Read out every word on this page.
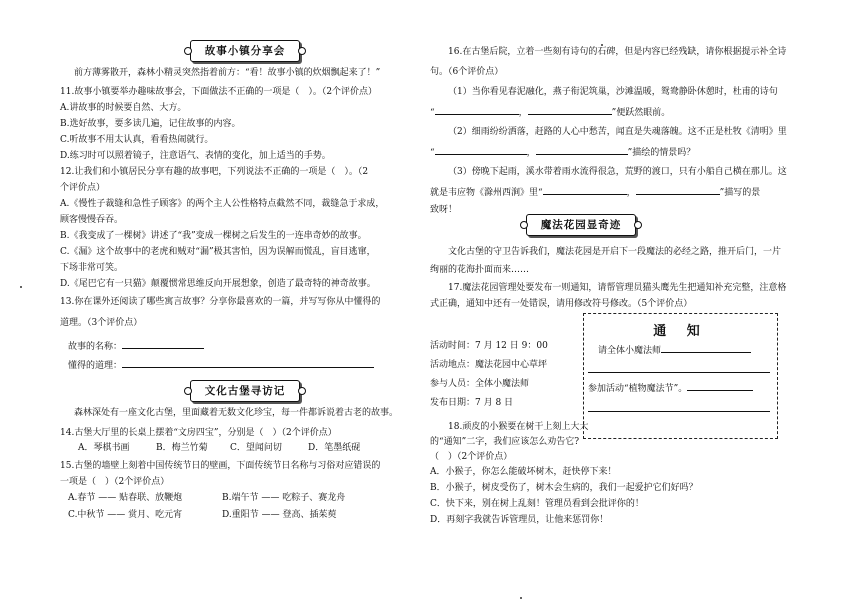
故事小镇分享会
前方薄雾散开，森林小精灵突然指着前方：“看！故事小镇的炊烟飘起来了！”
11.故事小镇要举办趣味故事会，下面做法不正确的一项是（　）。（2个评价点）
A.讲故事的时候要自然、大方。
B.选好故事，要多读几遍，记住故事的内容。
C.听故事不用太认真，看看热闹就行。
D.练习时可以照着镜子，注意语气、表情的变化，加上适当的手势。
12.让我们和小镇居民分享有趣的故事吧，下列说法不正确的一项是（　）。（2
个评价点）
A.《慢性子裁缝和急性子顾客》的两个主人公性格特点截然不同，裁缝急于求成，
顾客慢慢吞吞。
B.《我变成了一棵树》讲述了“我”变成一棵树之后发生的一连串奇妙的故事。
C.《漏》这个故事中的老虎和贼对“漏”极其害怕，因为误解而慌乱，盲目逃窜，
下场非常可笑。
D.《尾巴它有一只猫》颠覆惯常思维反向开展想象，创造了最奇特的神奇故事。
13.你在课外还阅读了哪些寓言故事？分享你最喜欢的一篇，并写写你从中懂得的
道理。（3个评价点）
故事的名称：
懂得的道理：
文化古堡寻访记
森林深处有一座文化古堡，里面藏着无数文化珍宝，每一件都诉说着古老的故事。
14.古堡大厅里的长桌上摆着“文房四宝”，分别是（　）（2个评价点）
A．琴棋书画	B．梅兰竹菊 C．望闻问切	D．笔墨纸砚
15.古堡的墙壁上刻着中国传统节日的壁画，下面传统节日名称与习俗对应错误的
一项是（　）（2个评价点）
A.春节 —— 贴春联、放鞭炮	B.端午节 —— 吃粽子、赛龙舟
C.中秋节 —— 赏月、吃元宵	D.重阳节 —— 登高、插茱萸
16.在古堡后院，立着一些刻有诗句的石碑，但是内容已经残缺，请你根据提示补全诗
句。（6个评价点）
（1）当你看见春泥融化，燕子衔泥筑巢，沙滩温暖，鸳鸯静卧休憩时，杜甫的诗句
“	，	”便跃然眼前。
（2）细雨纷纷洒落，赶路的人心中愁苦，闻直是失魂落魄。这不正是杜牧《清明》里
“	，	”描绘的情景吗？
（3）傍晚下起雨，溪水带着雨水流得很急，荒野的渡口，只有小船自己横在那儿。这
就是韦应物《滁州西涧》里“	，	”描写的景
致呀！
魔法花园显奇迹
文化古堡的守卫告诉我们，魔法花园是开启下一段魔法的必经之路，推开后门，一片
绚丽的花海扑面而来……
17.魔法花园管理处要发布一则通知，请帮管理员猫头鹰先生把通知补充完整，注意格
式正确，通知中还有一处错误，请用修改符号修改。（5个评价点）
活动时间：7 月 12 日 9：00
活动地点：魔法花园中心草坪
参与人员：全体小魔法师
发布日期：7 月 8 日
通 知
请全体小魔法师
参加活动“植物魔法节”。
18.顽皮的小猴要在树干上刻上大大
的“通知”二字，我们应该怎么劝告它?
（　）（2个评价点）
A．小猴子，你怎么能破坏树木，赶快停下来！
B．小猴子，树皮受伤了，树木会生病的，我们一起爱护它们好吗？
C．快下来，别在树上乱刻！管理员看到会批评你的！
D．再刻字我就告诉管理员，让他来惩罚你！
